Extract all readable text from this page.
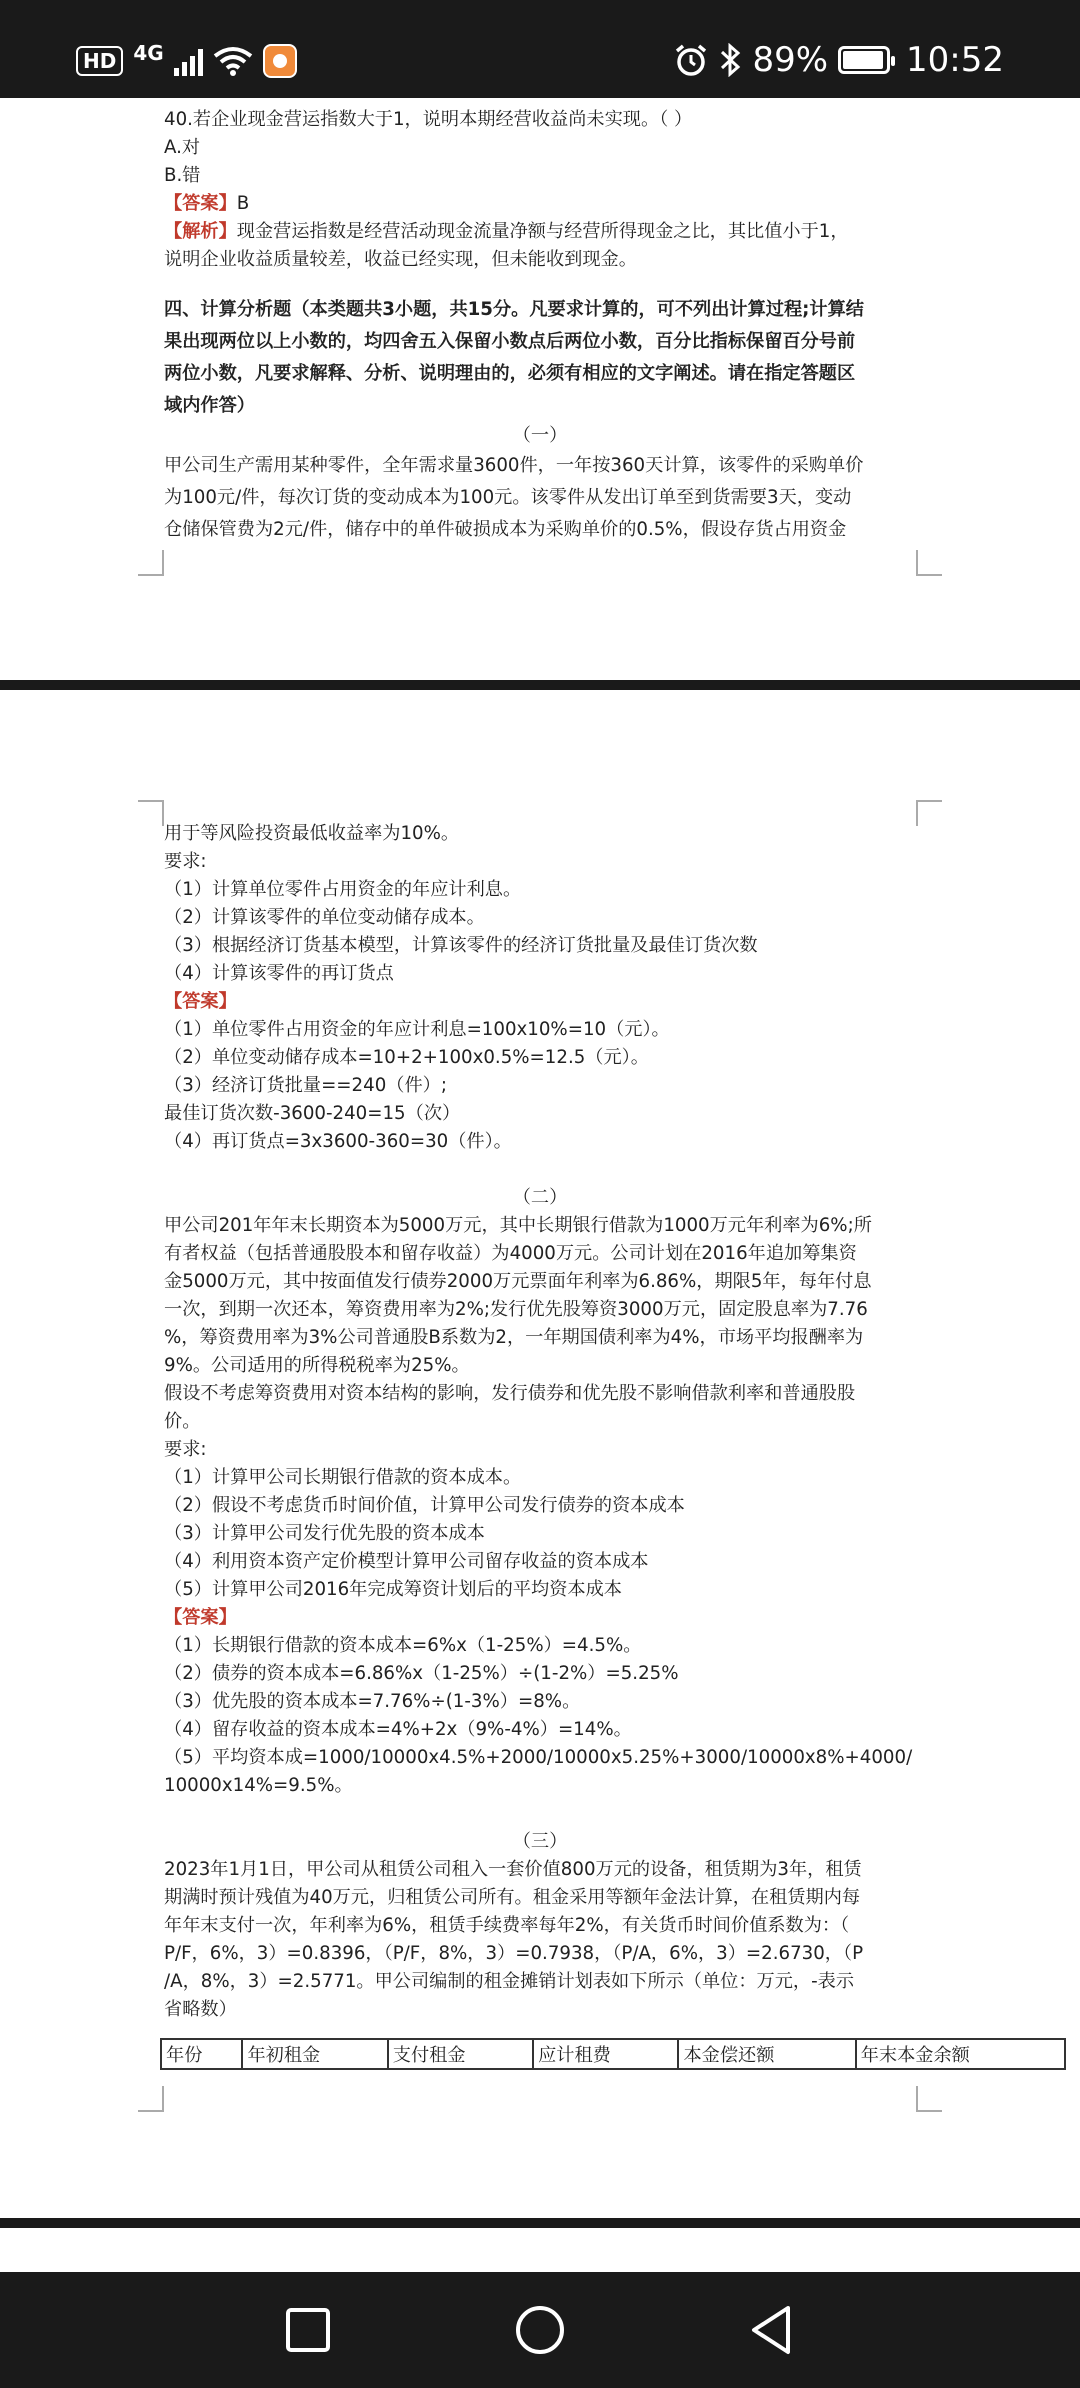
HD 4G	89% 10:52

40.若企业现金营运指数大于1，说明本期经营收益尚未实现。（ ）

A.对

B.错

【答案】B

【解析】现金营运指数是经营活动现金流量净额与经营所得现金之比，其比值小于1，

说明企业收益质量较差，收益已经实现，但未能收到现金。

四、计算分析题（本类题共3小题，共15分。凡要求计算的，可不列出计算过程;计算结

果出现两位以上小数的，均四舍五入保留小数点后两位小数，百分比指标保留百分号前

两位小数，凡要求解释、分析、说明理由的，必须有相应的文字阐述。请在指定答题区

域内作答）

（一）

甲公司生产需用某种零件，全年需求量3600件，一年按360天计算，该零件的采购单价

为100元/件，每次订货的变动成本为100元。该零件从发出订单至到货需要3天，变动

仓储保管费为2元/件，储存中的单件破损成本为采购单价的0.5%，假设存货占用资金

用于等风险投资最低收益率为10%。

要求:

（1）计算单位零件占用资金的年应计利息。

（2）计算该零件的单位变动储存成本。

（3）根据经济订货基本模型，计算该零件的经济订货批量及最佳订货次数

（4）计算该零件的再订货点

【答案】

（1）单位零件占用资金的年应计利息=100x10%=10（元）。

（2）单位变动储存成本=10+2+100x0.5%=12.5（元）。

（3）经济订货批量==240（件）;

最佳订货次数-3600-240=15（次）

（4）再订货点=3x3600-360=30（件）。

（二）

甲公司201年年末长期资本为5000万元，其中长期银行借款为1000万元年利率为6%;所

有者权益（包括普通股股本和留存收益）为4000万元。公司计划在2016年追加筹集资

金5000万元，其中按面值发行债券2000万元票面年利率为6.86%，期限5年，每年付息

一次，到期一次还本，筹资费用率为2%;发行优先股筹资3000万元，固定股息率为7.76

%，筹资费用率为3%公司普通股B系数为2，一年期国债利率为4%，市场平均报酬率为

9%。公司适用的所得税税率为25%。

假设不考虑筹资费用对资本结构的影响，发行债券和优先股不影响借款利率和普通股股

价。

要求:

（1）计算甲公司长期银行借款的资本成本。

（2）假设不考虑货币时间价值，计算甲公司发行债券的资本成本

（3）计算甲公司发行优先股的资本成本

（4）利用资本资产定价模型计算甲公司留存收益的资本成本

（5）计算甲公司2016年完成筹资计划后的平均资本成本

【答案】

（1）长期银行借款的资本成本=6%x（1-25%）=4.5%。

（2）债券的资本成本=6.86%x（1-25%）÷(1-2%）=5.25%

（3）优先股的资本成本=7.76%÷(1-3%）=8%。

（4）留存收益的资本成本=4%+2x（9%-4%）=14%。

（5）平均资本成=1000/10000x4.5%+2000/10000x5.25%+3000/10000x8%+4000/

10000x14%=9.5%。

（三）

2023年1月1日，甲公司从租赁公司租入一套价值800万元的设备，租赁期为3年，租赁

期满时预计残值为40万元，归租赁公司所有。租金采用等额年金法计算，在租赁期内每

年年末支付一次，年利率为6%，租赁手续费率每年2%，有关货币时间价值系数为：（

P/F，6%，3）=0.8396，（P/F，8%，3）=0.7938，（P/A，6%，3）=2.6730，（P

/A，8%，3）=2.5771。甲公司编制的租金摊销计划表如下所示（单位：万元，-表示

省略数）

年份	年初租金	支付租金	应计租费	本金偿还额	年末本金余额
